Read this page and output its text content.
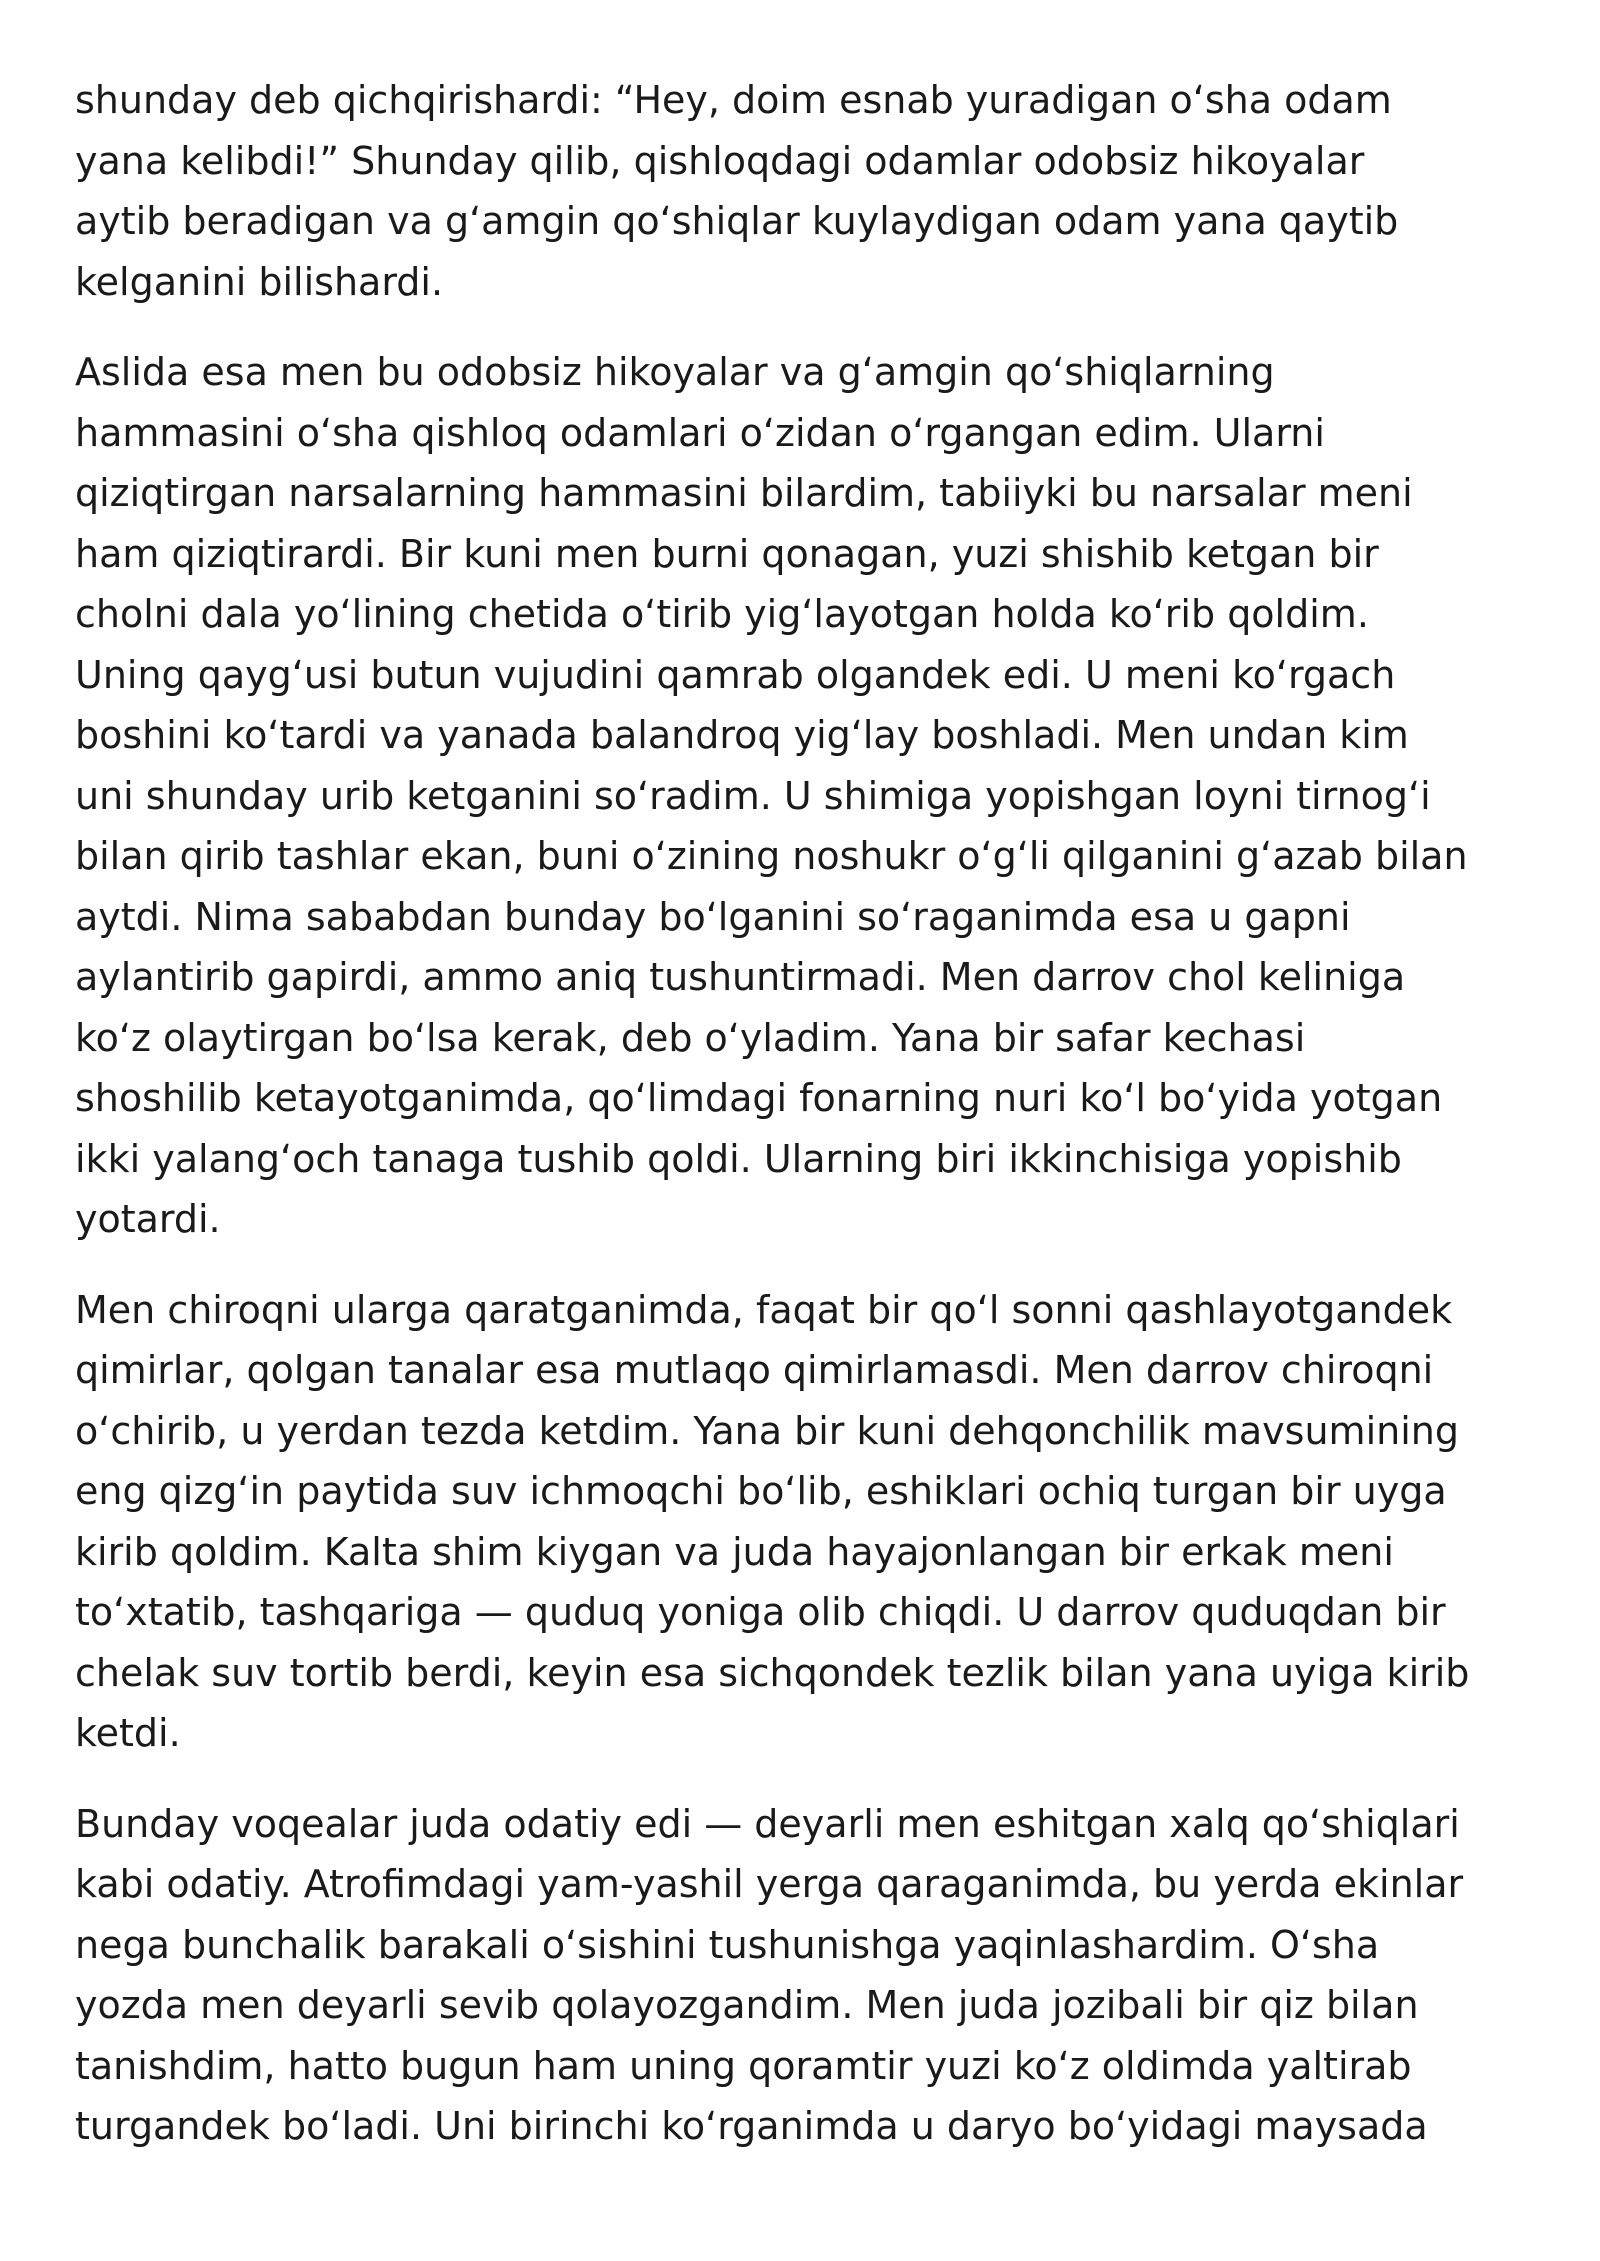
shunday deb qichqirishardi: “Hey, doim esnab yuradigan oʻsha odam
yana kelibdi!” Shunday qilib, qishloqdagi odamlar odobsiz hikoyalar
aytib beradigan va gʻamgin qoʻshiqlar kuylaydigan odam yana qaytib
kelganini bilishardi.
Aslida esa men bu odobsiz hikoyalar va gʻamgin qoʻshiqlarning
hammasini oʻsha qishloq odamlari oʻzidan oʻrgangan edim. Ularni
qiziqtirgan narsalarning hammasini bilardim, tabiiyki bu narsalar meni
ham qiziqtirardi. Bir kuni men burni qonagan, yuzi shishib ketgan bir
cholni dala yoʻlining chetida oʻtirib yigʻlayotgan holda koʻrib qoldim.
Uning qaygʻusi butun vujudini qamrab olgandek edi. U meni koʻrgach
boshini koʻtardi va yanada balandroq yigʻlay boshladi. Men undan kim
uni shunday urib ketganini soʻradim. U shimiga yopishgan loyni tirnogʻi
bilan qirib tashlar ekan, buni oʻzining noshukr oʻgʻli qilganini gʻazab bilan
aytdi. Nima sababdan bunday boʻlganini soʻraganimda esa u gapni
aylantirib gapirdi, ammo aniq tushuntirmadi. Men darrov chol keliniga
koʻz olaytirgan boʻlsa kerak, deb oʻyladim. Yana bir safar kechasi
shoshilib ketayotganimda, qoʻlimdagi fonarning nuri koʻl boʻyida yotgan
ikki yalangʻoch tanaga tushib qoldi. Ularning biri ikkinchisiga yopishib
yotardi.
Men chiroqni ularga qaratganimda, faqat bir qoʻl sonni qashlayotgandek
qimirlar, qolgan tanalar esa mutlaqo qimirlamasdi. Men darrov chiroqni
oʻchirib, u yerdan tezda ketdim. Yana bir kuni dehqonchilik mavsumining
eng qizgʻin paytida suv ichmoqchi boʻlib, eshiklari ochiq turgan bir uyga
kirib qoldim. Kalta shim kiygan va juda hayajonlangan bir erkak meni
toʻxtatib, tashqariga — quduq yoniga olib chiqdi. U darrov quduqdan bir
chelak suv tortib berdi, keyin esa sichqondek tezlik bilan yana uyiga kirib
ketdi.
Bunday voqealar juda odatiy edi — deyarli men eshitgan xalq qoʻshiqlari
kabi odatiy. Atrofimdagi yam-yashil yerga qaraganimda, bu yerda ekinlar
nega bunchalik barakali oʻsishini tushunishga yaqinlashardim. Oʻsha
yozda men deyarli sevib qolayozgandim. Men juda jozibali bir qiz bilan
tanishdim, hatto bugun ham uning qoramtir yuzi koʻz oldimda yaltirab
turgandek boʻladi. Uni birinchi koʻrganimda u daryo boʻyidagi maysada
